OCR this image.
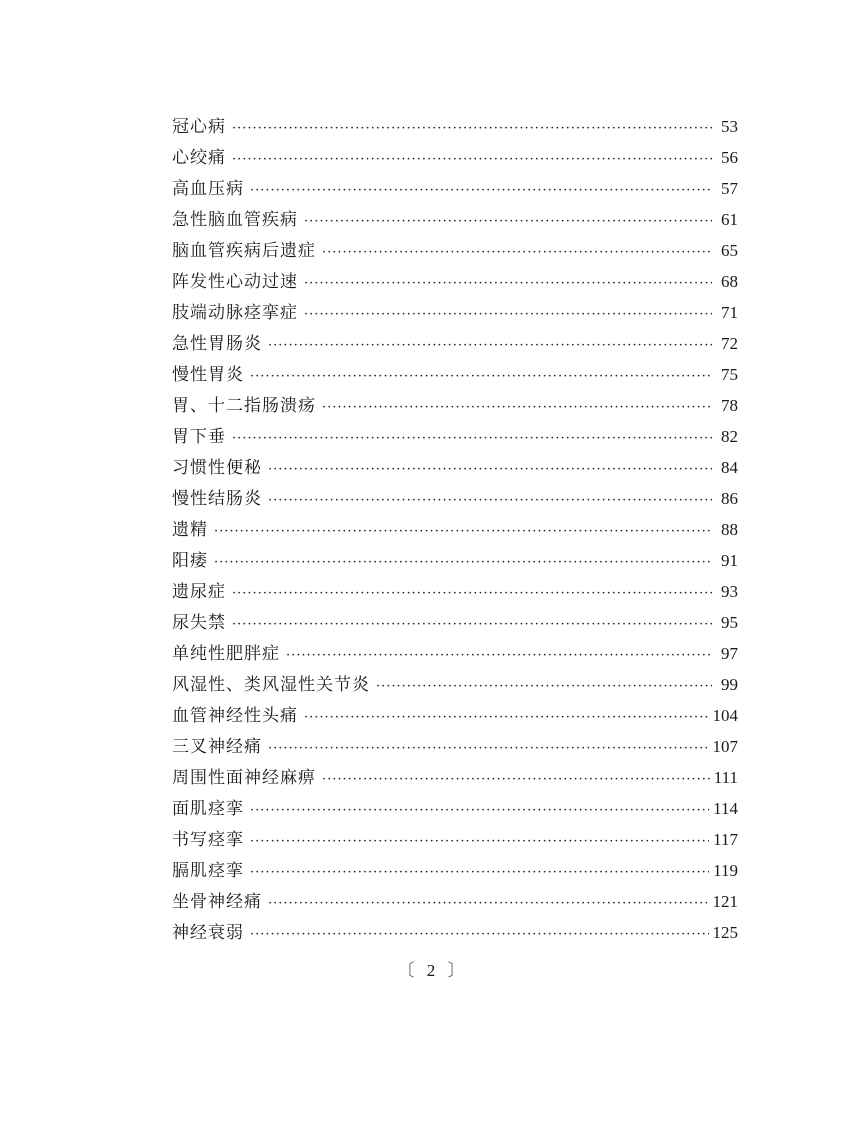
冠心病 ·····	53
心绞痛 ·····	56
高血压病 ·····	57
急性脑血管疾病 ·····	61
脑血管疾病后遗症 ·····	65
阵发性心动过速 ·····	68
肢端动脉痉挛症 ·····	71
急性胃肠炎 ·····	72
慢性胃炎 ·····	75
胃、十二指肠溃疡 ·····	78
胃下垂 ·····	82
习惯性便秘 ·····	84
慢性结肠炎 ·····	86
遗精 ·····	88
阳痿 ·····	91
遗尿症 ·····	93
尿失禁 ·····	95
单纯性肥胖症 ·····	97
风湿性、类风湿性关节炎 ·····	99
血管神经性头痛 ·····	104
三叉神经痛 ·····	107
周围性面神经麻痹 ·····	111
面肌痉挛 ·····	114
书写痉挛 ·····	117
膈肌痉挛 ·····	119
坐骨神经痛 ·····	121
神经衰弱 ·····	125
〔 2 〕
